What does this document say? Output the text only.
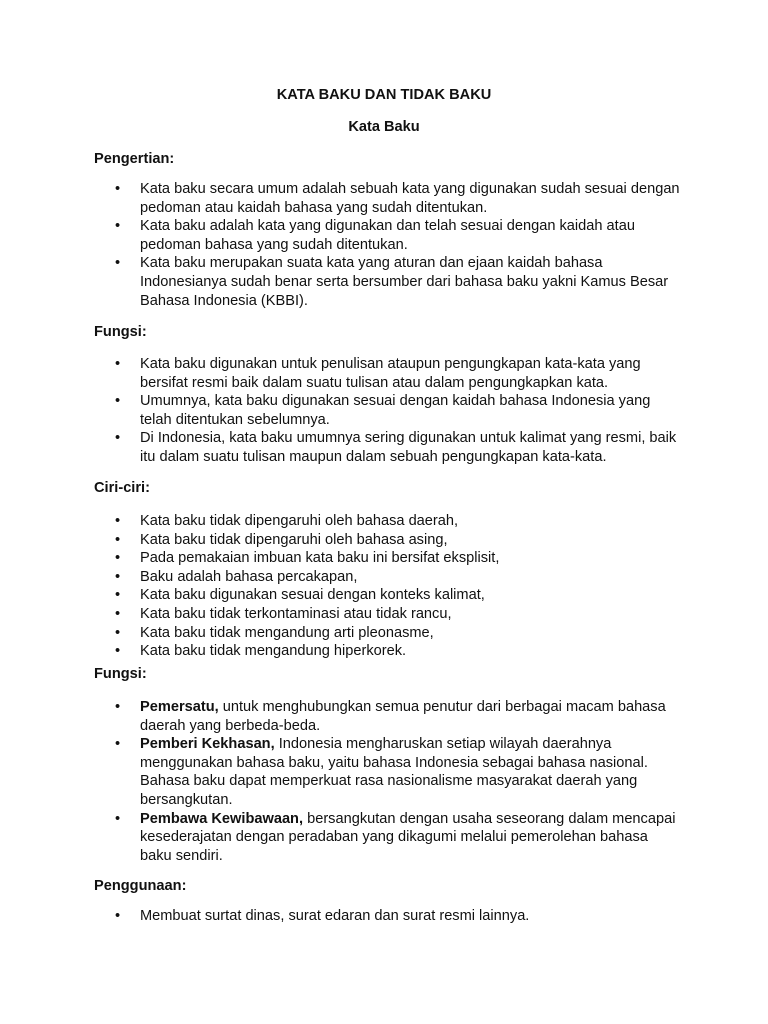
KATA BAKU DAN TIDAK BAKU

Kata Baku

Pengertian:

• Kata baku secara umum adalah sebuah kata yang digunakan sudah sesuai dengan pedoman atau kaidah bahasa yang sudah ditentukan.
• Kata baku adalah kata yang digunakan dan telah sesuai dengan kaidah atau pedoman bahasa yang sudah ditentukan.
• Kata baku merupakan suata kata yang aturan dan ejaan kaidah bahasa Indonesianya sudah benar serta bersumber dari bahasa baku yakni Kamus Besar Bahasa Indonesia (KBBI).

Fungsi:

• Kata baku digunakan untuk penulisan ataupun pengungkapan kata-kata yang bersifat resmi baik dalam suatu tulisan atau dalam pengungkapkan kata.
• Umumnya, kata baku digunakan sesuai dengan kaidah bahasa Indonesia yang telah ditentukan sebelumnya.
• Di Indonesia, kata baku umumnya sering digunakan untuk kalimat yang resmi, baik itu dalam suatu tulisan maupun dalam sebuah pengungkapan kata-kata.

Ciri-ciri:

• Kata baku tidak dipengaruhi oleh bahasa daerah,
• Kata baku tidak dipengaruhi oleh bahasa asing,
• Pada pemakaian imbuan kata baku ini bersifat eksplisit,
• Baku adalah bahasa percakapan,
• Kata baku digunakan sesuai dengan konteks kalimat,
• Kata baku tidak terkontaminasi atau tidak rancu,
• Kata baku tidak mengandung arti pleonasme,
• Kata baku tidak mengandung hiperkorek.

Fungsi:

• Pemersatu, untuk menghubungkan semua penutur dari berbagai macam bahasa daerah yang berbeda-beda.
• Pemberi Kekhasan, Indonesia mengharuskan setiap wilayah daerahnya menggunakan bahasa baku, yaitu bahasa Indonesia sebagai bahasa nasional. Bahasa baku dapat memperkuat rasa nasionalisme masyarakat daerah yang bersangkutan.
• Pembawa Kewibawaan, bersangkutan dengan usaha seseorang dalam mencapai kesederajatan dengan peradaban yang dikagumi melalui pemerolehan bahasa baku sendiri.

Penggunaan:

• Membuat surtat dinas, surat edaran dan surat resmi lainnya.
